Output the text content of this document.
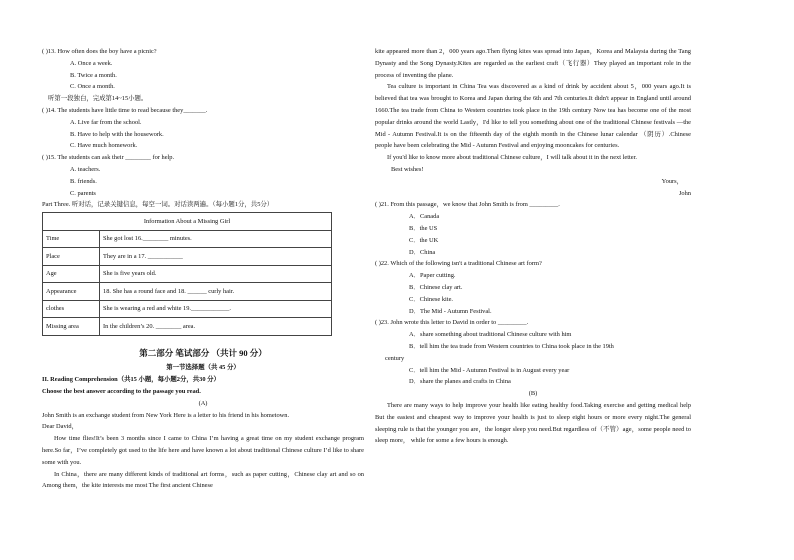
( )13. How often does the boy have a picnic?
A. Once a week.
B. Twice a month.
C. Once a month.
听第一段独白，完成第14~15小题。
( )14. The students have little time to read because they_______.
A. Live far from the school.
B. Have to help with the housework.
C. Have much homework.
( )15. The students can ask their ________ for help.
A. teachers.
B. friends.
C. parents
Part Three. 听对话，记录关键信息，每空一词。对话读两遍。（每小题1分，共5分）
Information About a Missing Girl	
Time	She got lost 16.________ minutes.
Place	They are in a 17. ___________
Age	She is five years old.
Appearance	18. She has a round face and 18. ______ curly hair.
clothes	She is wearing a red and white 19.____________.
Missing area	In the children’s 20. ________ area.
第二部分 笔试部分 （共计 90 分）
第一节选择题（共 45 分）
II. Reading Comprehension（共15 小题，每小题2分，共30 分）
Choose the best answer according to the passage you read.
(A)
John Smith is an exchange student from New York Here is a letter to his friend in his hometown.
Dear David，
How time flies!It’s been 3 months since I came to China I’m having a great time on my student exchange program here.So far，I’ve completely got used to the life here and have known a lot about traditional Chinese culture I’d like to share some with you.
In China，there are many different kinds of traditional art forms，such as paper cutting，Chinese clay art and so on Among them，the kite interests me most The first ancient Chinese
kite appeared more than 2，000 years ago.Then flying kites was spread into Japan，Korea and Malaysia during the Tang Dynasty and the Song Dynasty.Kites are regarded as the earliest craft（飞行器）They played an important role in the process of inventing the plane.
Tea culture is important in China Tea was discovered as a kind of drink by accident about 5，000 years ago.It is believed that tea was brought to Korea and Japan during the 6th and 7th centuries.It didn't appear in England until around 1660.The tea trade from China to Western countries took place in the 19th century Now tea has become one of the most popular drinks around the world Lastly，I'd like to tell you something about one of the traditional Chinese festivals —the Mid - Autumn Festival.It is on the fifteenth day of the eighth month in the Chinese lunar calendar （阴历）.Chinese people have been celebrating the Mid - Autumn Festival and enjoying mooncakes for centuries.
If you'd like to know more about traditional Chinese culture，I will talk about it in the next letter.
Best wishes!
Yours，
John
( )21. From this passage，we know that John Smith is from _________.
A．Canada
B．the US
C．the UK
D．China
( )22. Which of the following isn't a traditional Chinese art form?
A．Paper cutting.
B．Chinese clay art.
C．Chinese kite.
D．The Mid - Autumn Festival.
( )23. John wrote this letter to David in order to _________.
A．share something about traditional Chinese culture with him
B．tell him the tea trade from Western countries to China took place in the 19th
century
C．tell him the Mid - Autumn Festival is in August every year
D．share the planes and crafts in China
(B)
There are many ways to help improve your health like eating healthy food.Taking exercise and getting medical help But the easiest and cheapest way to improve your health is just to sleep eight hours or more every night.The general sleeping rule is that the younger you are，the longer sleep you need.But regardless of（不管）age，some people need to sleep more， while for some a few hours is enough.
